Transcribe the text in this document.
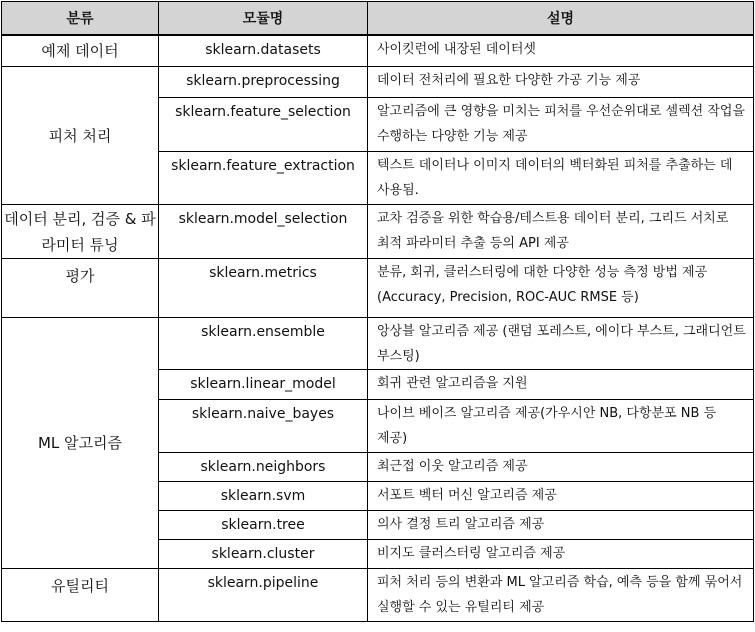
분류	모듈명	설명
예제 데이터	sklearn.datasets	사이킷런에 내장된 데이터셋
피처 처리	sklearn.preprocessing	데이터 전처리에 필요한 다양한 가공 기능 제공
	sklearn.feature_selection	알고리즘에 큰 영향을 미치는 피처를 우선순위대로 셀렉션 작업을 수행하는 다양한 기능 제공
	sklearn.feature_extraction	텍스트 데이터나 이미지 데이터의 벡터화된 피처를 추출하는 데 사용됨.
데이터 분리, 검증 & 파라미터 튜닝	sklearn.model_selection	교차 검증을 위한 학습용/테스트용 데이터 분리, 그리드 서치로 최적 파라미터 추출 등의 API 제공
평가	sklearn.metrics	분류, 회귀, 클러스터링에 대한 다양한 성능 측정 방법 제공 (Accuracy, Precision, ROC-AUC RMSE 등)
ML 알고리즘	sklearn.ensemble	앙상블 알고리즘 제공 (랜덤 포레스트, 에이다 부스트, 그래디언트 부스팅)
	sklearn.linear_model	회귀 관련 알고리즘을 지원
	sklearn.naive_bayes	나이브 베이즈 알고리즘 제공(가우시안 NB, 다항분포 NB 등 제공)
	sklearn.neighbors	최근접 이웃 알고리즘 제공
	sklearn.svm	서포트 벡터 머신 알고리즘 제공
	sklearn.tree	의사 결정 트리 알고리즘 제공
	sklearn.cluster	비지도 클러스터링 알고리즘 제공
유틸리티	sklearn.pipeline	피처 처리 등의 변환과 ML 알고리즘 학습, 예측 등을 함께 묶어서 실행할 수 있는 유틸리티 제공
